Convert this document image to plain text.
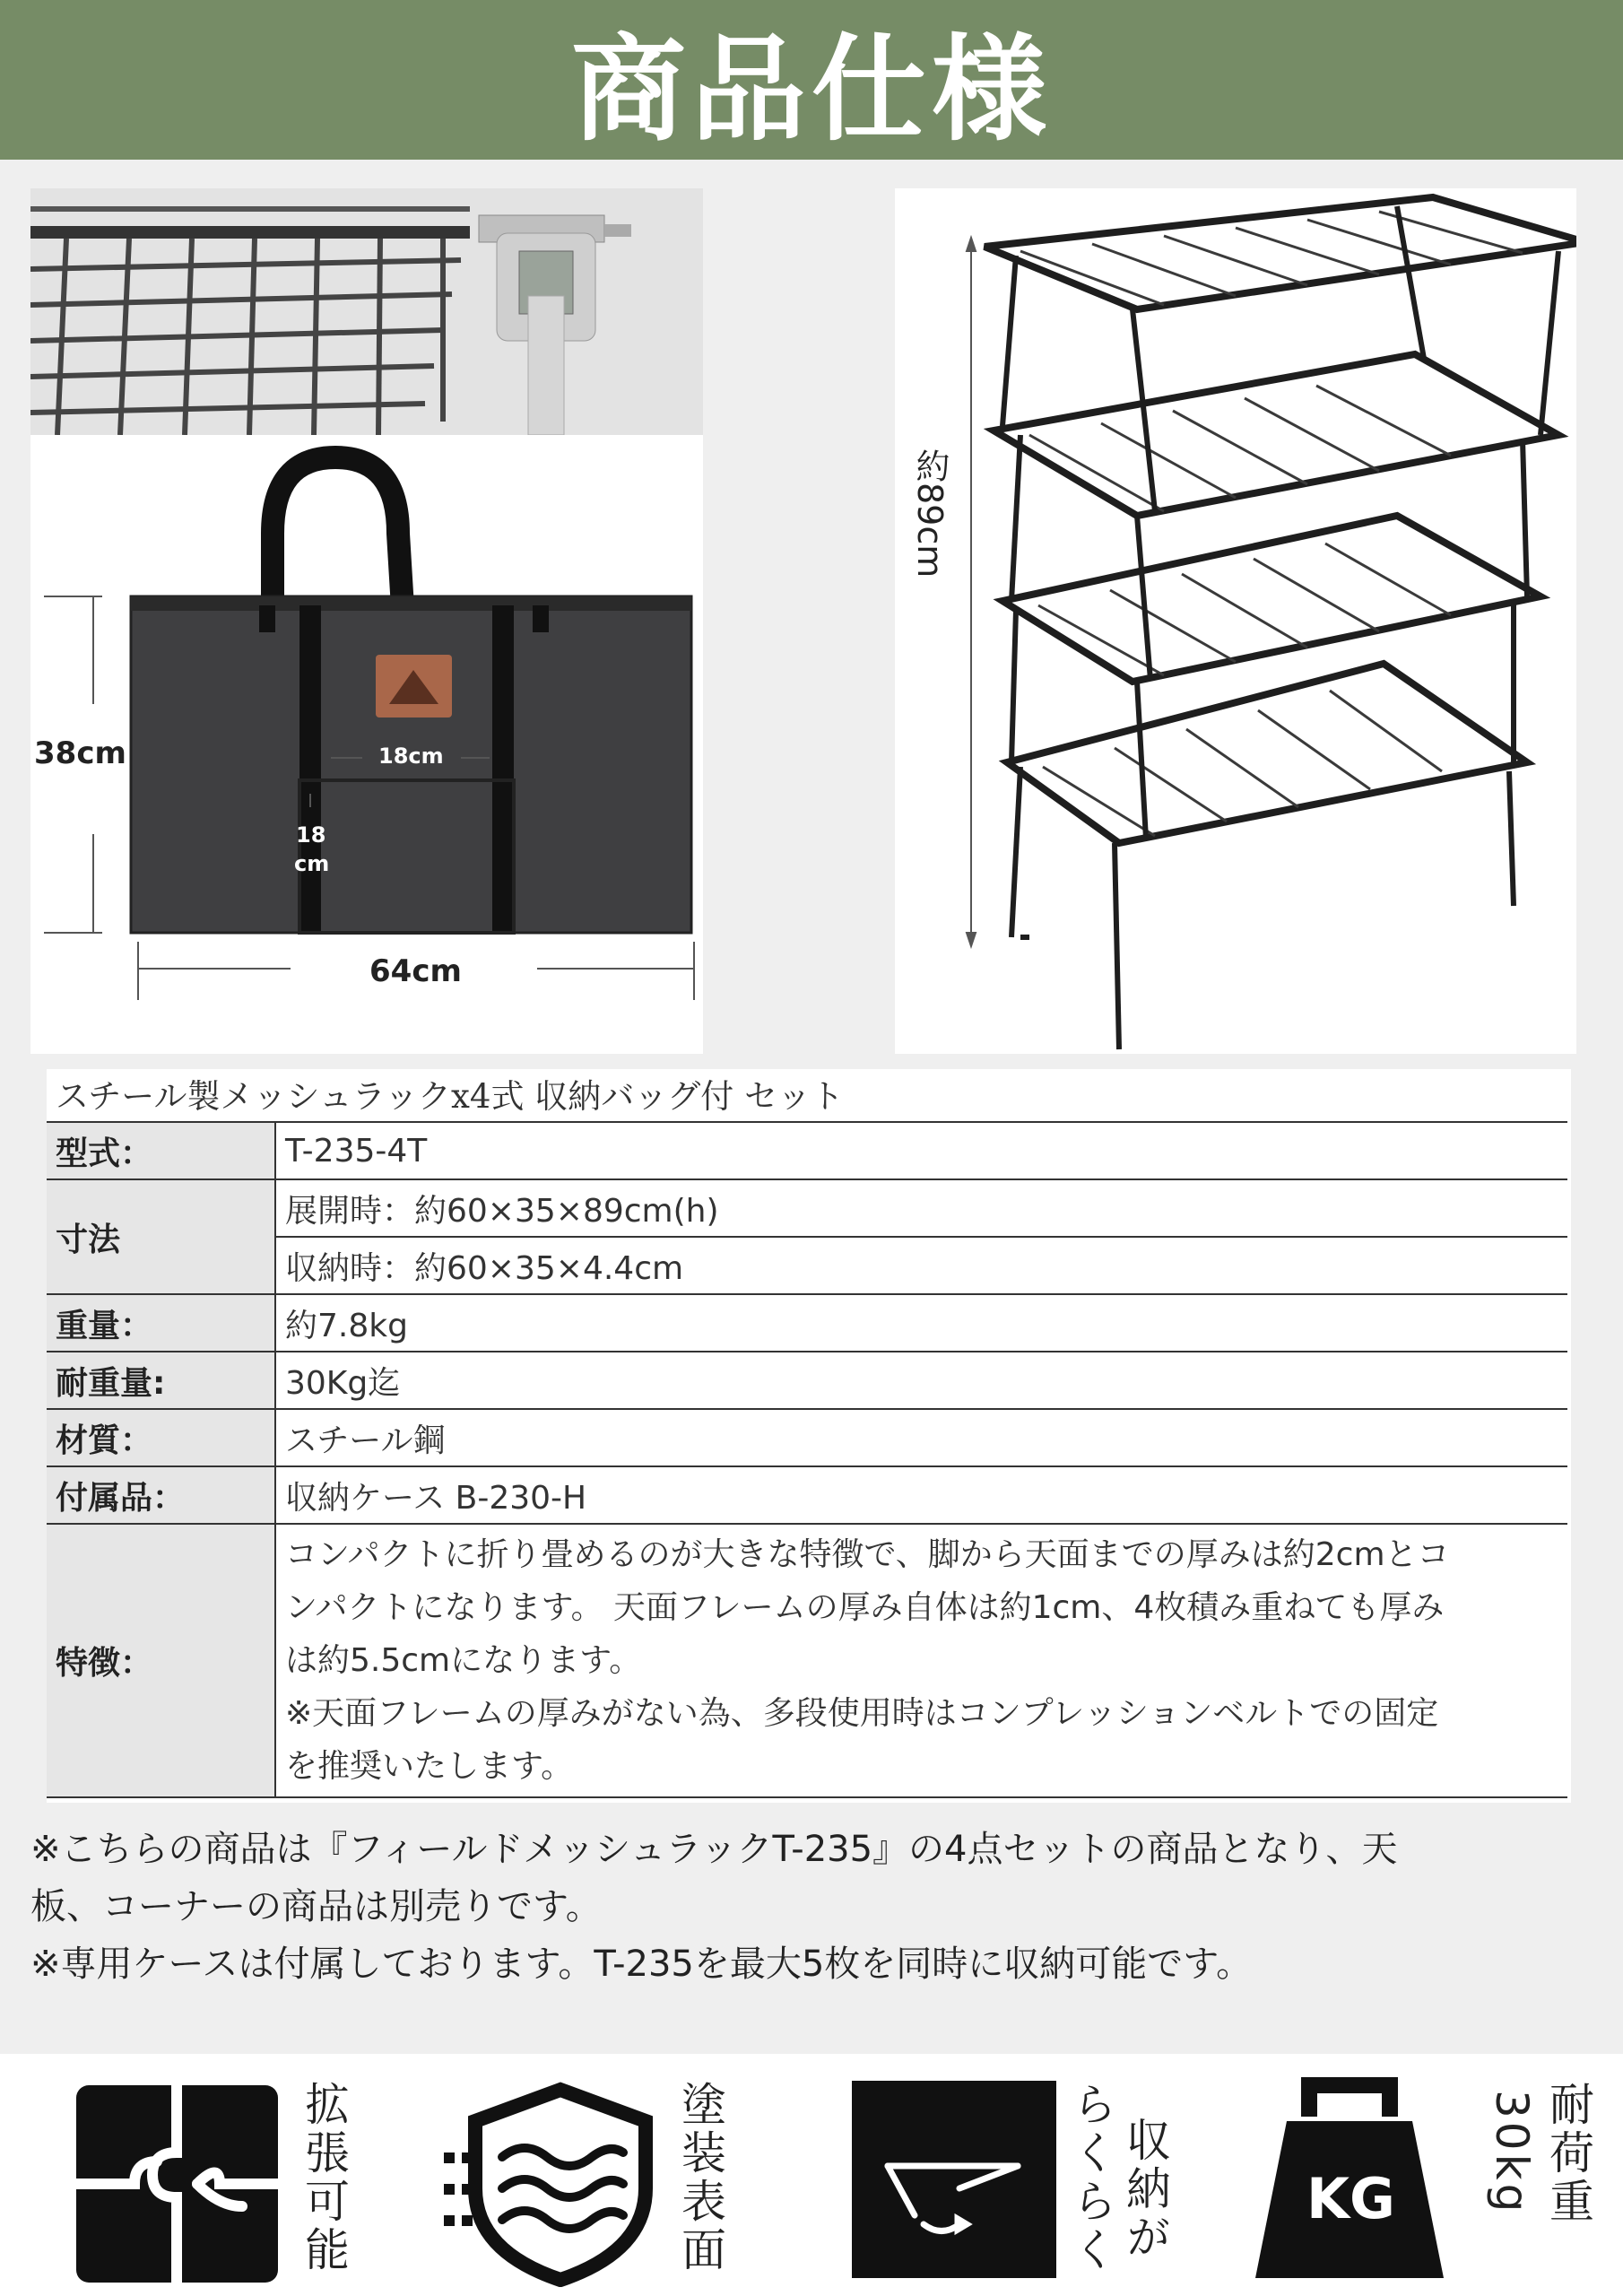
商品仕様
38cm
64cm
18cm
18
cm
約89cm
スチール製メッシュラックx4式 収納バッグ付 セット
型式：	T-235-4T
寸法	展開時：約60×35×89cm(h)
	収納時：約60×35×4.4cm
重量：	約7.8kg
耐重量:	30Kg迄
材質：	スチール鋼
付属品：	収納ケース B-230-H
特徴：	コンパクトに折り畳めるのが大きな特徴で、脚から天面までの厚みは約2cmとコ
ンパクトになります。 天面フレームの厚み自体は約1cm、4枚積み重ねても厚み
は約5.5cmになります。
※天面フレームの厚みがない為、多段使用時はコンプレッションベルトでの固定
を推奨いたします。
※こちらの商品は『フィールドメッシュラックT-235』の4点セットの商品となり、天
板、コーナーの商品は別売りです。
※専用ケースは付属しております。T-235を最大5枚を同時に収納可能です。
拡張可能	塗装表面	収納が
らくらく	KG	耐荷重
30kg
